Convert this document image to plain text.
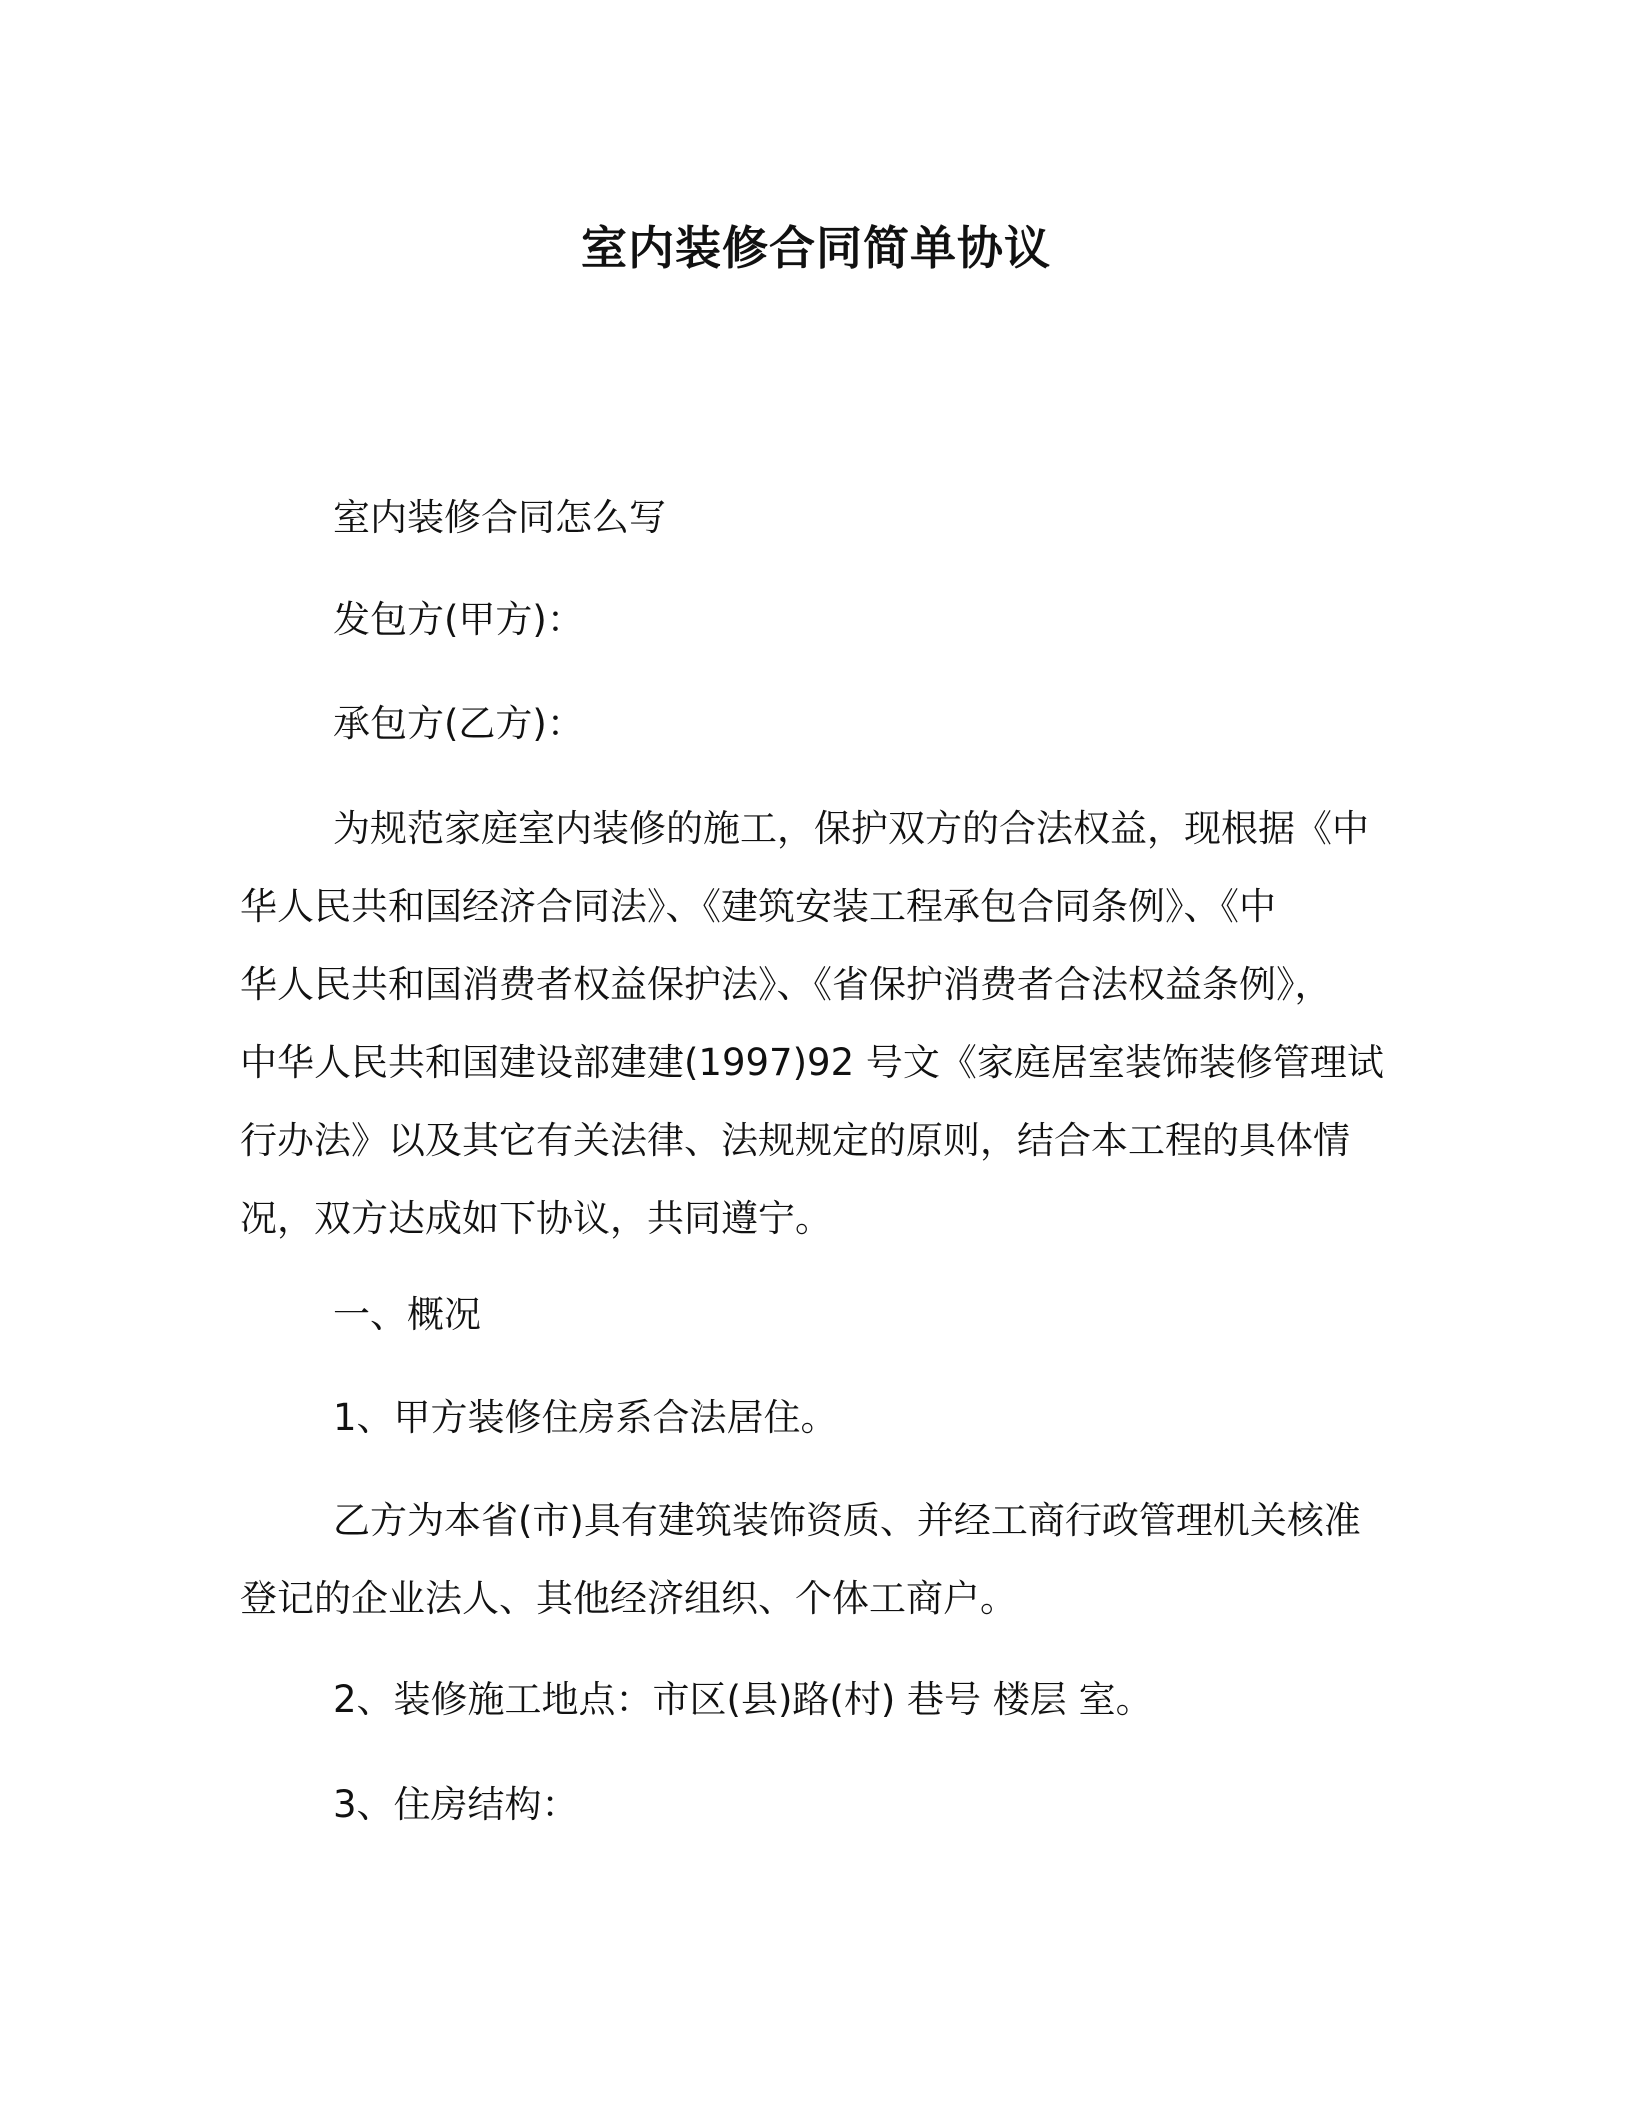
室内装修合同简单协议
室内装修合同怎么写
发包方(甲方)：
承包方(乙方)：
为规范家庭室内装修的施工，保护双方的合法权益，现根据《中
华人民共和国经济合同法》、《建筑安装工程承包合同条例》、《中
华人民共和国消费者权益保护法》、《省保护消费者合法权益条例》，
中华人民共和国建设部建建(1997)92 号文《家庭居室装饰装修管理试
行办法》以及其它有关法律、法规规定的原则，结合本工程的具体情
况，双方达成如下协议，共同遵宁。
一、概况
1、甲方装修住房系合法居住。
乙方为本省(市)具有建筑装饰资质、并经工商行政管理机关核准
登记的企业法人、其他经济组织、个体工商户。
2、装修施工地点：市区(县)路(村) 巷号 楼层 室。
3、住房结构：
